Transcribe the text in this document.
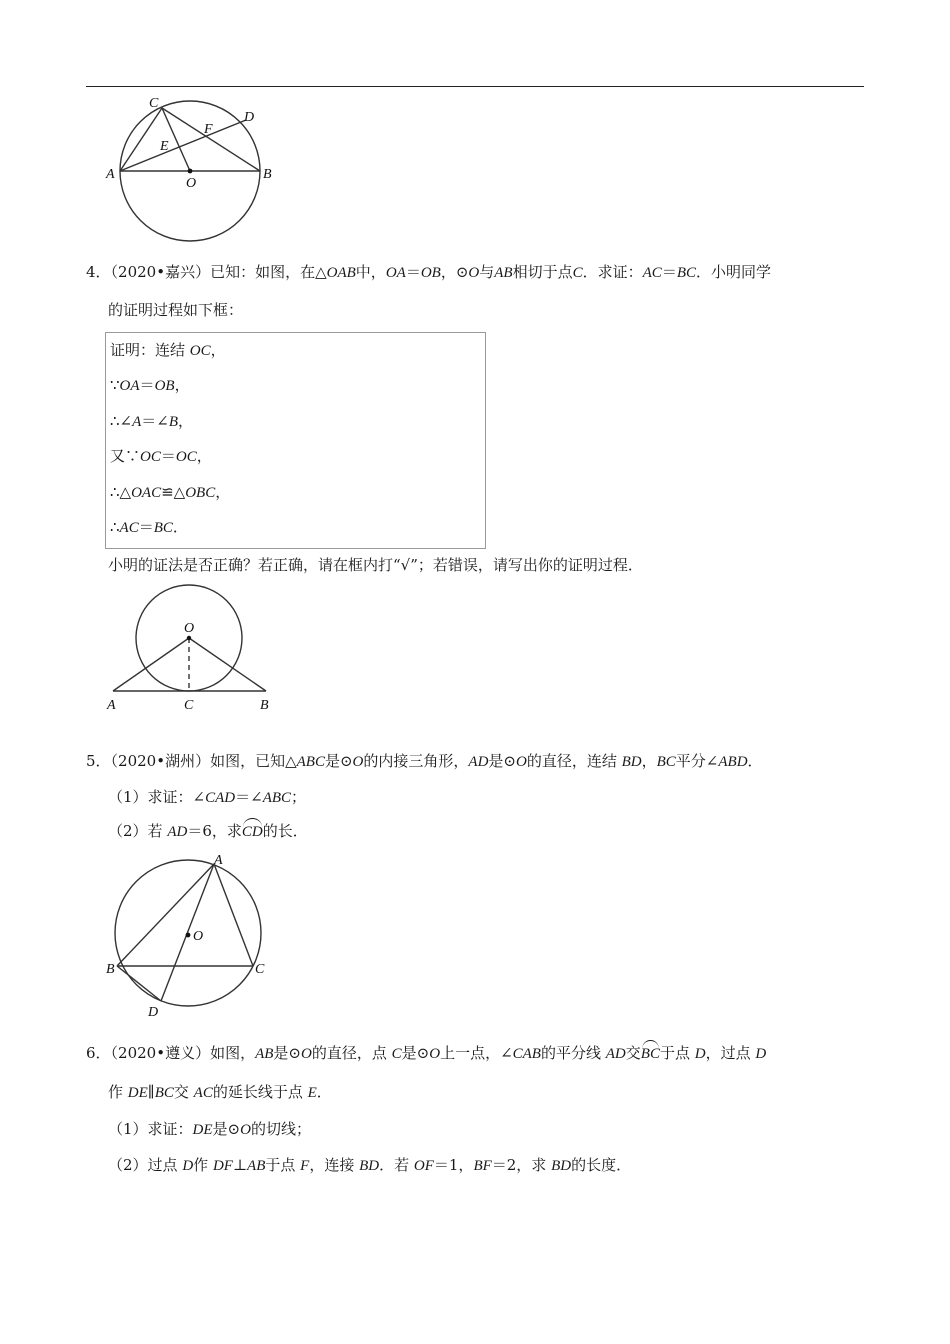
C
D
F
E
A
O
B
4．（2020•嘉兴）已知：如图，在△OAB中，OA＝OB，⊙O与AB相切于点C．求证：AC＝BC．小明同学
的证明过程如下框：
证明：连结 OC，
∵OA＝OB，
∴∠A＝∠B，
又∵OC＝OC，
∴△OAC≌△OBC，
∴AC＝BC．
小明的证法是否正确？若正确，请在框内打“√”；若错误，请写出你的证明过程．
O
A	C	B
5．（2020•湖州）如图，已知△ABC是⊙O的内接三角形，AD是⊙O的直径，连结 BD，BC平分∠ABD．
（1）求证：∠CAD＝∠ABC；
（2）若 AD＝6，求CD的长．
A
O
B	C
D
6．（2020•遵义）如图，AB是⊙O的直径，点 C是⊙O上一点，∠CAB的平分线 AD交BC于点 D，过点 D
作 DE∥BC交 AC的延长线于点 E．
（1）求证：DE是⊙O的切线；
（2）过点 D作 DF⊥AB于点 F，连接 BD．若 OF＝1，BF＝2，求 BD的长度．
